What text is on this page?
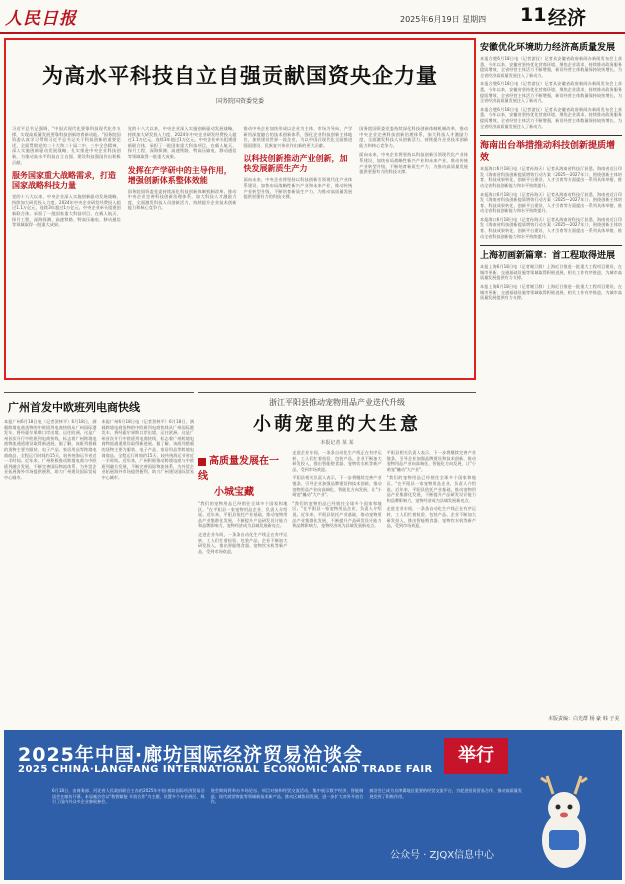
人民日报	2025年6月19日 星期四 11 经济
为高水平科技自立自强贡献国资央企力量
国务院国资委党委
习近平总书记强调，"中国式现代化要靠科技现代化作支撑，实现高质量发展要靠科技创新培育新动能。"国务院国资委认真学习贯彻习近平总书记关于科技创新的重要论述，全面贯彻党的二十大和二十届二中、三中全会精神，深入实施创新驱动发展战略，扎实推进中央企业科技创新，为推动高水平科技自立自强、建设科技强国作出积极贡献。
服务国家重大战略需求，打造国家战略科技力量
党的十八大以来，中央企业深入实施创新驱动发展战略，持续加大研发投入力度，2024年中央企业研发经费投入超过1.1万亿元，连续3年超过1万亿元。中央企业牵头组建创新联合体，承担了一批国家重大科技项目，在载人航天、探月工程、深海探测、高速铁路、特高压输电、移动通信等领域取得一批重大成果。
党的十八大以来，中央企业深入实施创新驱动发展战略，持续加大研发投入力度，2024年中央企业研发经费投入超过1.1万亿元，连续3年超过1万亿元。中央企业牵头组建创新联合体，承担了一批国家重大科技项目，在载人航天、探月工程、深海探测、高速铁路、特高压输电、移动通信等领域取得一批重大成果。
发挥在产学研中的主导作用，增强创新体系整体效能
国务院国资委党委持续深化科技创新体制机制改革，推动中央企业完善科技创新治理体系，加大科技人才激励力度，全面激发科技人员创新活力，持续提升企业技术创新能力和核心竞争力。
推动中央企业加快形成以企业为主体、市场为导向、产学研用深度融合的技术创新体系，强化企业科技创新主体地位，加快建设世界一流企业，为以中国式现代化全面推进强国建设、民族复兴伟业作出新的更大贡献。
以科技创新推动产业创新，加快发展新质生产力
面向未来，中央企业将坚持以科技创新引领现代化产业体系建设，加快布局战略性新兴产业和未来产业，推动传统产业转型升级，不断培育新质生产力，为推动高质量发展提供坚强有力的科技支撑。
国务院国资委党委持续深化科技创新体制机制改革，推动中央企业完善科技创新治理体系，加大科技人才激励力度，全面激发科技人员创新活力，持续提升企业技术创新能力和核心竞争力。
面向未来，中央企业将坚持以科技创新引领现代化产业体系建设，加快布局战略性新兴产业和未来产业，推动传统产业转型升级，不断培育新质生产力，为推动高质量发展提供坚强有力的科技支撑。
安徽优化环境助力经济高质量发展
本报合肥6月18日电（记者游仪）记者从安徽省政府新闻办新闻发布会上获悉，今年以来，安徽省坚持优化营商环境，聚焦企业需求，持续推动政务服务提质增效，全省经营主体活力不断增强，新设经营主体数量保持较快增长，为全省经济高质量发展注入了新动力。
本报合肥6月18日电（记者游仪）记者从安徽省政府新闻办新闻发布会上获悉，今年以来，安徽省坚持优化营商环境，聚焦企业需求，持续推动政务服务提质增效，全省经营主体活力不断增强，新设经营主体数量保持较快增长，为全省经济高质量发展注入了新动力。
本报合肥6月18日电（记者游仪）记者从安徽省政府新闻办新闻发布会上获悉，今年以来，安徽省坚持优化营商环境，聚焦企业需求，持续推动政务服务提质增效，全省经营主体活力不断增强，新设经营主体数量保持较快增长，为全省经济高质量发展注入了新动力。
海南出台举措推动科技创新提质增效
本报海口6月18日电（记者孙海天）记者从海南省科技厅获悉，海南省近日印发《海南省科技创新提质增效行动方案（2025—2027年）》，围绕创新主体培育、科技成果转化、创新平台建设、人才引育等方面提出一系列具体举措，推动全省科技创新能力和水平持续提升。
本报海口6月18日电（记者孙海天）记者从海南省科技厅获悉，海南省近日印发《海南省科技创新提质增效行动方案（2025—2027年）》，围绕创新主体培育、科技成果转化、创新平台建设、人才引育等方面提出一系列具体举措，推动全省科技创新能力和水平持续提升。
本报海口6月18日电（记者孙海天）记者从海南省科技厅获悉，海南省近日印发《海南省科技创新提质增效行动方案（2025—2027年）》，围绕创新主体培育、科技成果转化、创新平台建设、人才引育等方面提出一系列具体举措，推动全省科技创新能力和水平持续提升。
上海初画新篇章：首工程取得进展
本报上海6月18日电（记者谢卫群）上海近日推进一批重大工程项目建设，在城市更新、交通基础设施等领域取得积极进展，相关工作有序推进，为城市高质量发展提供有力支撑。
本报上海6月18日电（记者谢卫群）上海近日推进一批重大工程项目建设，在城市更新、交通基础设施等领域取得积极进展，相关工作有序推进，为城市高质量发展提供有力支撑。
广州首发中欧班列电商快线
本报广州6月18日电（记者贺林平）6月18日，满载跨境电商货物的中欧班列电商快线从广州国际港发车，将经霍尔果斯口岸出境，运往欧洲。这是广州首次开行中欧班列电商快线，标志着广州跨境电商物流通道建设取得新进展。据了解，该班列搭载的货物主要为服装、电子产品、家居用品等跨境电商商品，全程运行时间约15天，较传统海运节省近一半时间。近年来，广州积极推动跨境电商与中欧班列融合发展，不断完善国际物流体系，为外贸企业拓展海外市场提供便利，助力广州建设国际贸易中心城市。
本报广州6月18日电（记者贺林平）6月18日，满载跨境电商货物的中欧班列电商快线从广州国际港发车，将经霍尔果斯口岸出境，运往欧洲。这是广州首次开行中欧班列电商快线，标志着广州跨境电商物流通道建设取得新进展。据了解，该班列搭载的货物主要为服装、电子产品、家居用品等跨境电商商品，全程运行时间约15天，较传统海运节省近一半时间。近年来，广州积极推动跨境电商与中欧班列融合发展，不断完善国际物流体系，为外贸企业拓展海外市场提供便利，助力广州建设国际贸易中心城市。
浙江平阳县推动宠物用品产业迭代升级
小萌宠里的大生意
本报记者 某 某
高质量发展在一线
小城宝藏
"我们的宠物用品已经销往全球多个国家和地区。"在平阳县一家宠物用品企业，负责人介绍说。近年来，平阳县依托产业基础，推动宠物用品产业集群化发展，不断提升产品研发设计能力和品牌影响力，宠物经济成为县域发展新亮点。
走进企业车间，一条条自动化生产线正在有序运转，工人们忙着检验、包装产品。企业不断加大研发投入，推出智能喂食器、宠物饮水机等新产品，受到市场欢迎。
走进企业车间，一条条自动化生产线正在有序运转，工人们忙着检验、包装产品。企业不断加大研发投入，推出智能喂食器、宠物饮水机等新产品，受到市场欢迎。
平阳县相关负责人表示，下一步将继续完善产业链条，引导企业加强品牌建设和技术创新，推动宠物用品产业向高端化、智能化方向发展，让"小萌宠"撬动"大产业"。
"我们的宠物用品已经销往全球多个国家和地区。"在平阳县一家宠物用品企业，负责人介绍说。近年来，平阳县依托产业基础，推动宠物用品产业集群化发展，不断提升产品研发设计能力和品牌影响力，宠物经济成为县域发展新亮点。
平阳县相关负责人表示，下一步将继续完善产业链条，引导企业加强品牌建设和技术创新，推动宠物用品产业向高端化、智能化方向发展，让"小萌宠"撬动"大产业"。
"我们的宠物用品已经销往全球多个国家和地区。"在平阳县一家宠物用品企业，负责人介绍说。近年来，平阳县依托产业基础，推动宠物用品产业集群化发展，不断提升产品研发设计能力和品牌影响力，宠物经济成为县域发展新亮点。
走进企业车间，一条条自动化生产线正在有序运转，工人们忙着检验、包装产品。企业不断加大研发投入，推出智能喂食器、宠物饮水机等新产品，受到市场欢迎。
本版责编：白光群 杨 豪 韩 子美
2025年中国·廊坊国际经济贸易洽谈会
2025 CHINA·LANGFANG INTERNATIONAL ECONOMIC AND TRADE FAIR
举行
6月18日，由商务部、河北省人民政府联合主办的2025年中国·廊坊国际经济贸易洽谈会在廊坊开幕。本届廊洽会以"数智赋能 开放合作"为主题，设置多个专业展区，吸引了国内外众多企业参展参会。
展会期间将举办多场论坛、项目对接和经贸交流活动，集中展示数字经济、智能制造、现代商贸物流等领域新技术新产品，推动区域协同发展，进一步扩大对外开放合作。
廊洽会已成为京津冀地区重要的经贸交流平台，为促进投资贸易合作、推动高质量发展发挥了积极作用。
公众号 · ZJQX信息中心
